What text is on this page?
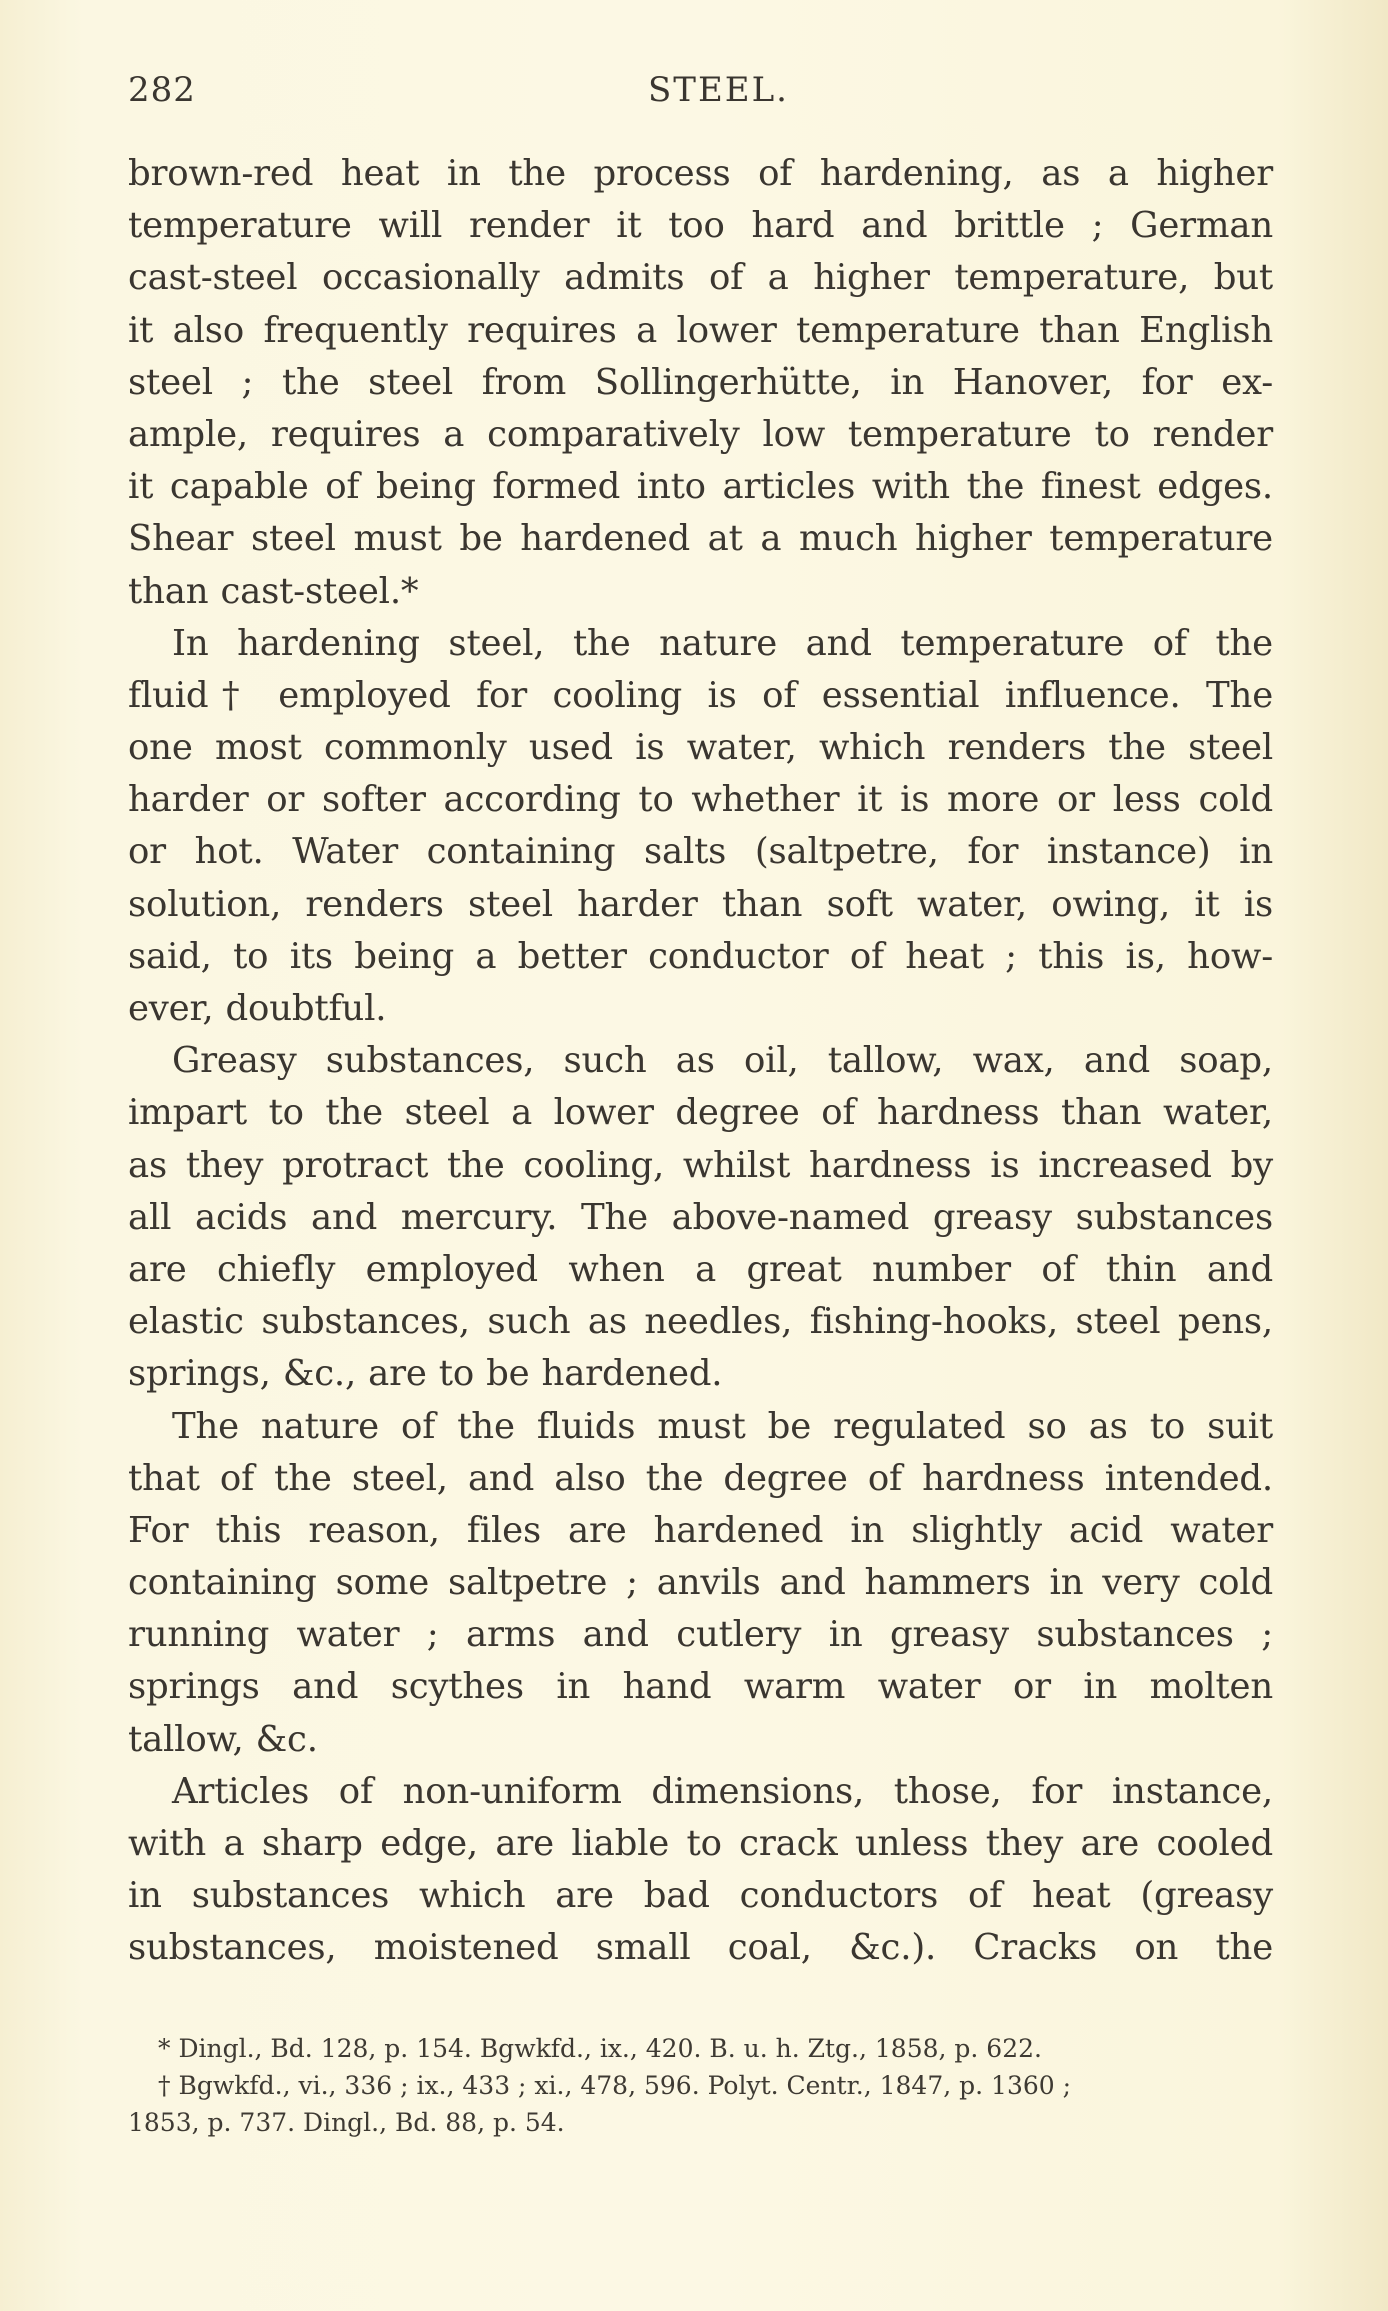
282	STEEL.
brown-red heat in the process of hardening, as a higher
temperature will render it too hard and brittle ; German
cast-steel occasionally admits of a higher temperature, but
it also frequently requires a lower temperature than English
steel ; the steel from Sollingerhütte, in Hanover, for ex-
ample, requires a comparatively low temperature to render
it capable of being formed into articles with the finest edges.
Shear steel must be hardened at a much higher temperature
than cast-steel.*
In hardening steel, the nature and temperature of the
fluid† employed for cooling is of essential influence. The
one most commonly used is water, which renders the steel
harder or softer according to whether it is more or less cold
or hot. Water containing salts (saltpetre, for instance) in
solution, renders steel harder than soft water, owing, it is
said, to its being a better conductor of heat ; this is, how-
ever, doubtful.
Greasy substances, such as oil, tallow, wax, and soap,
impart to the steel a lower degree of hardness than water,
as they protract the cooling, whilst hardness is increased by
all acids and mercury. The above-named greasy substances
are chiefly employed when a great number of thin and
elastic substances, such as needles, fishing-hooks, steel pens,
springs, &c., are to be hardened.
The nature of the fluids must be regulated so as to suit
that of the steel, and also the degree of hardness intended.
For this reason, files are hardened in slightly acid water
containing some saltpetre ; anvils and hammers in very cold
running water ; arms and cutlery in greasy substances ;
springs and scythes in hand warm water or in molten
tallow, &c.
Articles of non-uniform dimensions, those, for instance,
with a sharp edge, are liable to crack unless they are cooled
in substances which are bad conductors of heat (greasy
substances, moistened small coal, &c.). Cracks on the
* Dingl., Bd. 128, p. 154. Bgwkfd., ix., 420. B. u. h. Ztg., 1858, p. 622.
† Bgwkfd., vi., 336 ; ix., 433 ; xi., 478, 596. Polyt. Centr., 1847, p. 1360 ;
1853, p. 737. Dingl., Bd. 88, p. 54.
